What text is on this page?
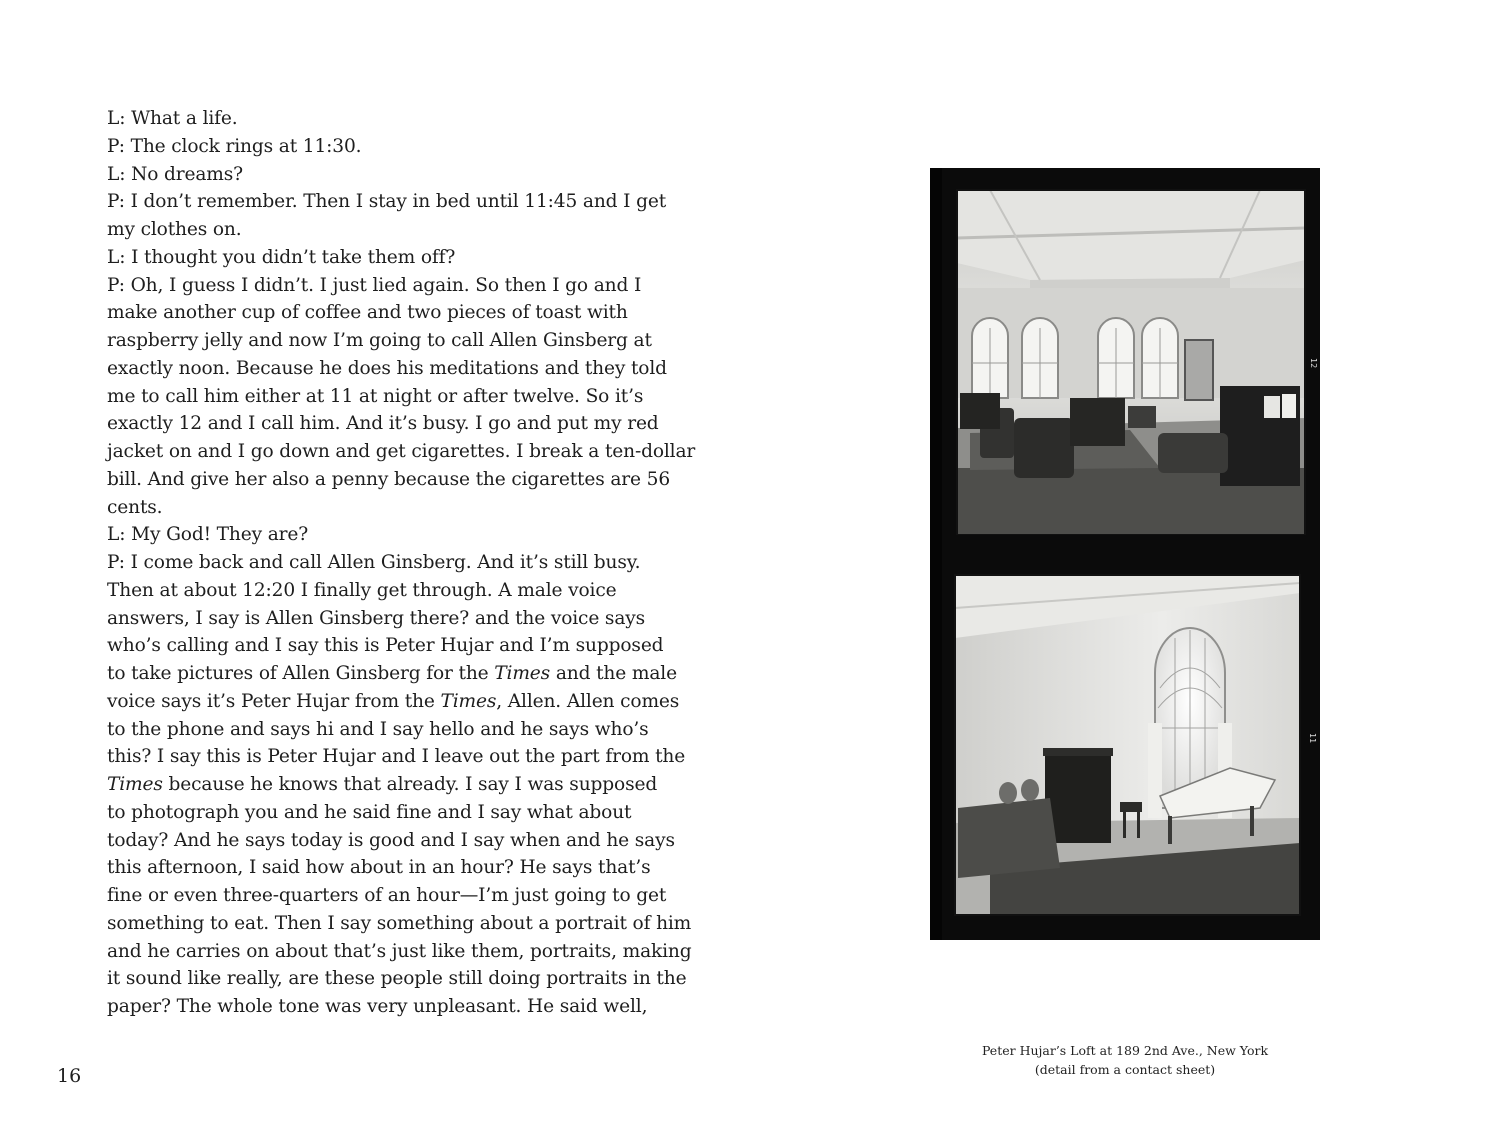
L: What a life.
P: The clock rings at 11:30.
L: No dreams?
P: I don’t remember. Then I stay in bed until 11:45 and I get
my clothes on.
L: I thought you didn’t take them off?
P: Oh, I guess I didn’t. I just lied again. So then I go and I
make another cup of coffee and two pieces of toast with
raspberry jelly and now I’m going to call Allen Ginsberg at
exactly noon. Because he does his meditations and they told
me to call him either at 11 at night or after twelve. So it’s
exactly 12 and I call him. And it’s busy. I go and put my red
jacket on and I go down and get cigarettes. I break a ten-dollar
bill. And give her also a penny because the cigarettes are 56
cents.
L: My God! They are?
P: I come back and call Allen Ginsberg. And it’s still busy.
Then at about 12:20 I finally get through. A male voice
answers, I say is Allen Ginsberg there? and the voice says
who’s calling and I say this is Peter Hujar and I’m supposed
to take pictures of Allen Ginsberg for the Times and the male
voice says it’s Peter Hujar from the Times, Allen. Allen comes
to the phone and says hi and I say hello and he says who’s
this? I say this is Peter Hujar and I leave out the part from the
Times because he knows that already. I say I was supposed
to photograph you and he said fine and I say what about
today? And he says today is good and I say when and he says
this afternoon, I said how about in an hour? He says that’s
fine or even three-quarters of an hour—I’m just going to get
something to eat. Then I say something about a portrait of him
and he carries on about that’s just like them, portraits, making
it sound like really, are these people still doing portraits in the
paper? The whole tone was very unpleasant. He said well,
16
12
11
Peter Hujar’s Loft at 189 2nd Ave., New York
(detail from a contact sheet)
